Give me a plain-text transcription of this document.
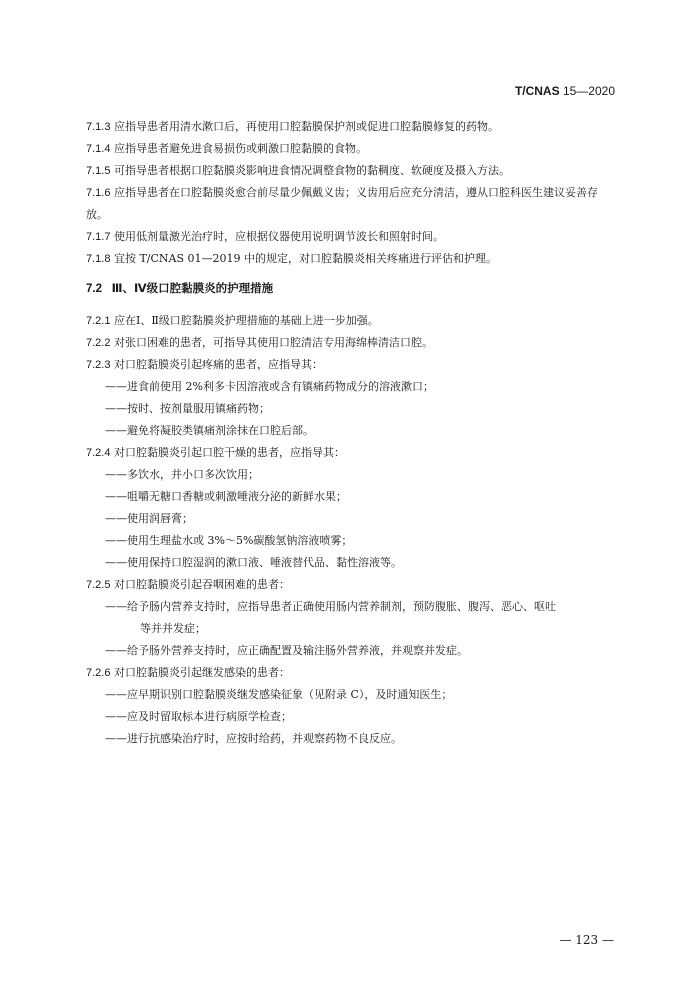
T/CNAS 15—2020
7.1.3 应指导患者用清水漱口后，再使用口腔黏膜保护剂或促进口腔黏膜修复的药物。
7.1.4 应指导患者避免进食易损伤或刺激口腔黏膜的食物。
7.1.5 可指导患者根据口腔黏膜炎影响进食情况调整食物的黏稠度、软硬度及摄入方法。
7.1.6 应指导患者在口腔黏膜炎愈合前尽量少佩戴义齿；义齿用后应充分清洁，遵从口腔科医生建议妥善存放。
7.1.7 使用低剂量激光治疗时，应根据仪器使用说明调节波长和照射时间。
7.1.8 宜按 T/CNAS 01—2019 中的规定，对口腔黏膜炎相关疼痛进行评估和护理。
7.2 Ⅲ、Ⅳ级口腔黏膜炎的护理措施
7.2.1 应在Ⅰ、Ⅱ级口腔黏膜炎护理措施的基础上进一步加强。
7.2.2 对张口困难的患者，可指导其使用口腔清洁专用海绵棒清洁口腔。
7.2.3 对口腔黏膜炎引起疼痛的患者，应指导其：
——进食前使用 2%利多卡因溶液或含有镇痛药物成分的溶液漱口；
——按时、按剂量服用镇痛药物；
——避免将凝胶类镇痛剂涂抹在口腔后部。
7.2.4 对口腔黏膜炎引起口腔干燥的患者，应指导其：
——多饮水，并小口多次饮用；
——咀嚼无糖口香糖或刺激唾液分泌的新鲜水果；
——使用润唇膏；
——使用生理盐水或 3%～5%碳酸氢钠溶液喷雾；
——使用保持口腔湿润的漱口液、唾液替代品、黏性溶液等。
7.2.5 对口腔黏膜炎引起吞咽困难的患者：
——给予肠内营养支持时，应指导患者正确使用肠内营养制剂，预防腹胀、腹泻、恶心、呕吐
等并并发症；
——给予肠外营养支持时，应正确配置及输注肠外营养液，并观察并发症。
7.2.6 对口腔黏膜炎引起继发感染的患者：
——应早期识别口腔黏膜炎继发感染征象（见附录 C），及时通知医生；
——应及时留取标本进行病原学检查；
——进行抗感染治疗时，应按时给药，并观察药物不良反应。
— 123 —
